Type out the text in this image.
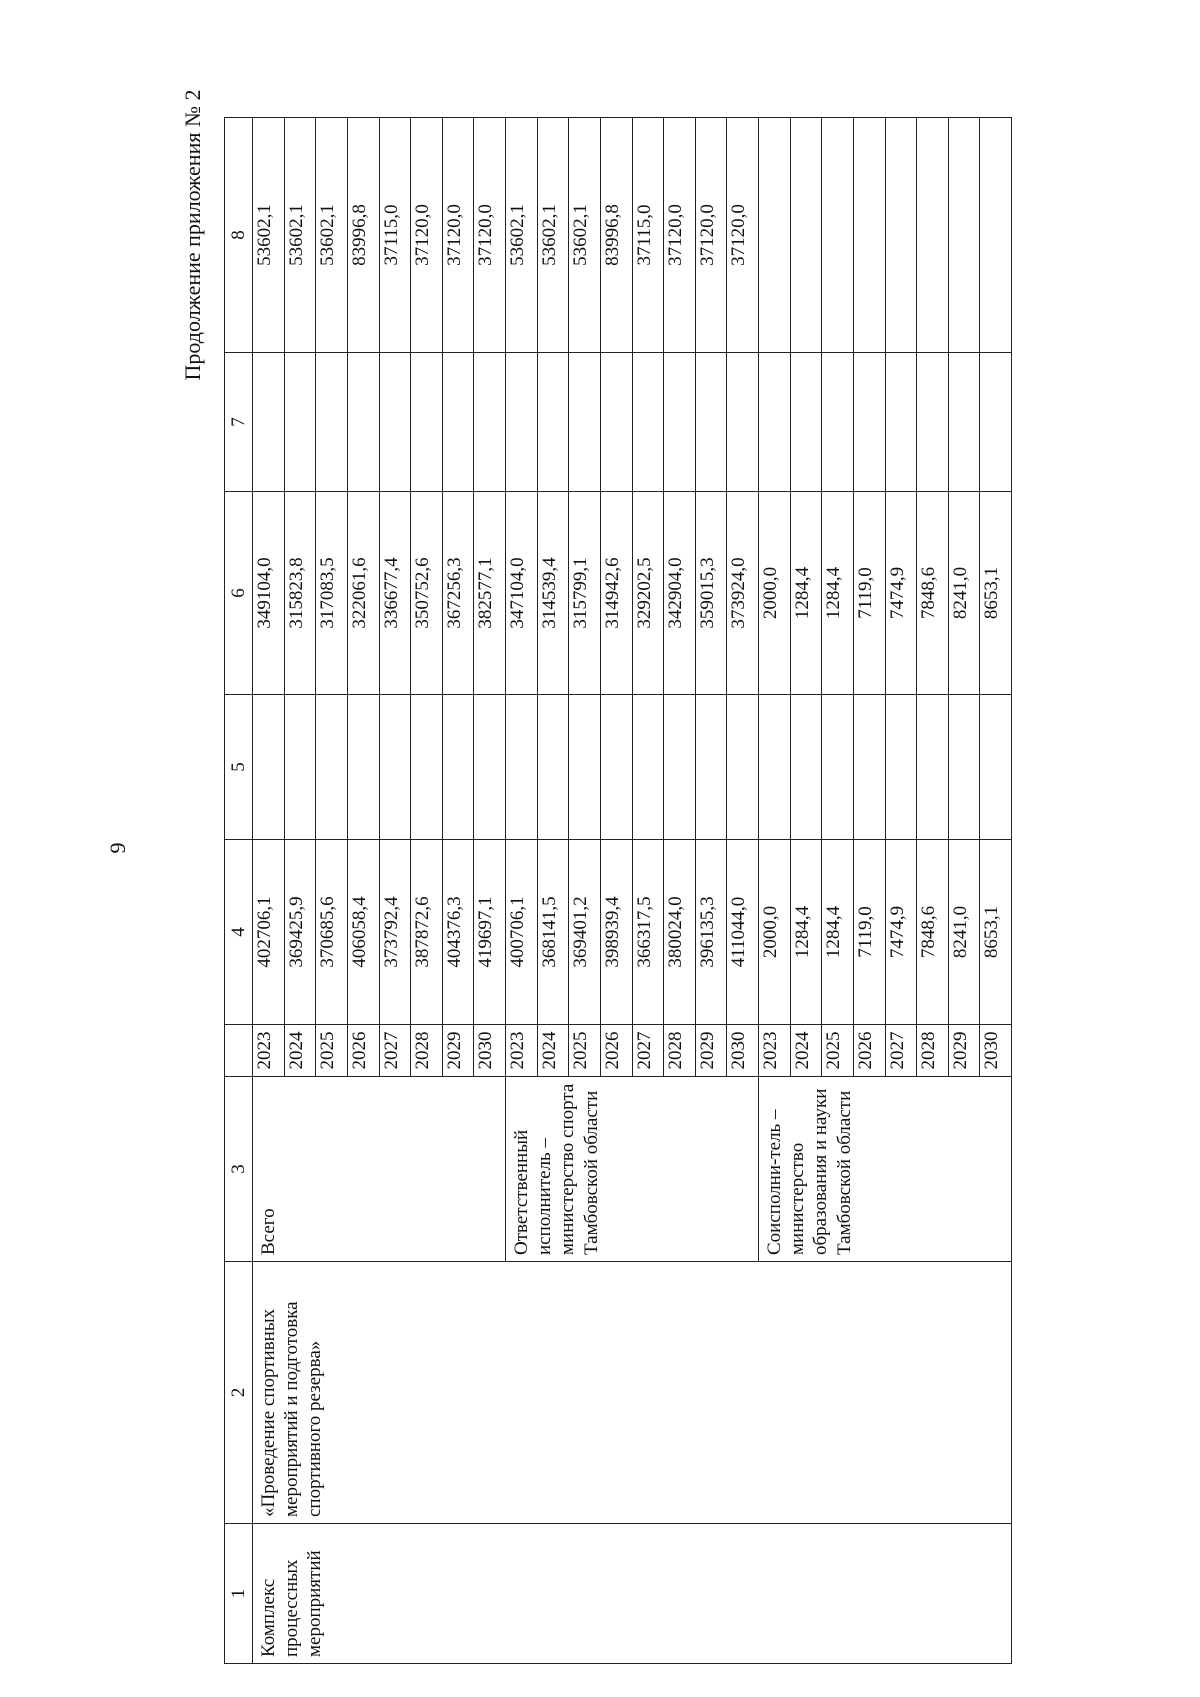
9
Продолжение приложения № 2
1	2	3		4	5	6	7	8
Комплекс процессных мероприятий	«Проведение спортивных мероприятий и подготовка спортивного резерва»	Всего	2023	402706,1		349104,0		53602,1
			2024	369425,9		315823,8		53602,1
			2025	370685,6		317083,5		53602,1
			2026	406058,4		322061,6		83996,8
			2027	373792,4		336677,4		37115,0
			2028	387872,6		350752,6		37120,0
			2029	404376,3		367256,3		37120,0
			2030	419697,1		382577,1		37120,0
		Ответственный исполнитель – министерство спорта Тамбовской области	2023	400706,1		347104,0		53602,1
			2024	368141,5		314539,4		53602,1
			2025	369401,2		315799,1		53602,1
			2026	398939,4		314942,6		83996,8
			2027	366317,5		329202,5		37115,0
			2028	380024,0		342904,0		37120,0
			2029	396135,3		359015,3		37120,0
			2030	411044,0		373924,0		37120,0
		Соисполни-тель – министерство образования и науки Тамбовской области	2023	2000,0		2000,0		
			2024	1284,4		1284,4		
			2025	1284,4		1284,4		
			2026	7119,0		7119,0		
			2027	7474,9		7474,9		
			2028	7848,6		7848,6		
			2029	8241,0		8241,0		
			2030	8653,1		8653,1		
